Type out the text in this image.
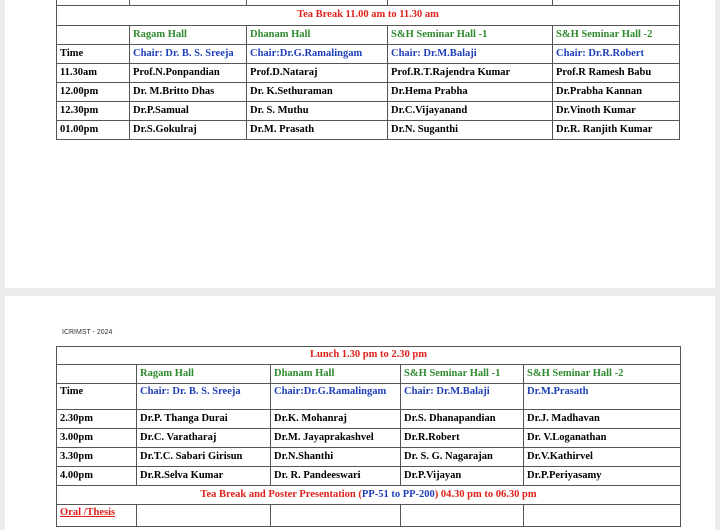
Tea Break 11.00 am to 11.30 am				
	Ragam Hall	Dhanam Hall	S&H Seminar Hall -1	S&H Seminar Hall -2
Time	Chair: Dr. B. S. Sreeja	Chair:Dr.G.Ramalingam	Chair: Dr.M.Balaji	Chair: Dr.R.Robert
11.30am	Prof.N.Ponpandian	Prof.D.Nataraj	Prof.R.T.Rajendra Kumar	Prof.R Ramesh Babu
12.00pm	Dr. M.Britto Dhas	Dr. K.Sethuraman	Dr.Hema Prabha	Dr.Prabha Kannan
12.30pm	Dr.P.Samual	Dr. S. Muthu	Dr.C.Vijayanand	Dr.Vinoth Kumar
01.00pm	Dr.S.Gokulraj	Dr.M. Prasath	Dr.N. Suganthi	Dr.R. Ranjith Kumar
ICRIMST - 2024
Lunch 1.30 pm to 2.30 pm				
	Ragam Hall	Dhanam Hall	S&H Seminar Hall -1	S&H Seminar Hall -2
Time	Chair: Dr. B. S. Sreeja	Chair:Dr.G.Ramalingam	Chair: Dr.M.Balaji	Dr.M.Prasath
2.30pm	Dr.P. Thanga Durai	Dr.K. Mohanraj	Dr.S. Dhanapandian	Dr.J. Madhavan
3.00pm	Dr.C. Varatharaj	Dr.M. Jayaprakashvel	Dr.R.Robert	Dr. V.Loganathan
3.30pm	Dr.T.C. Sabari Girisun	Dr.N.Shanthi	Dr. S. G. Nagarajan	Dr.V.Kathirvel
4.00pm	Dr.R.Selva Kumar	Dr. R. Pandeeswari	Dr.P.Vijayan	Dr.P.Periyasamy
Tea Break and Poster Presentation (PP-51 to PP-200) 04.30 pm to 06.30 pm				
Oral /Thesis				
